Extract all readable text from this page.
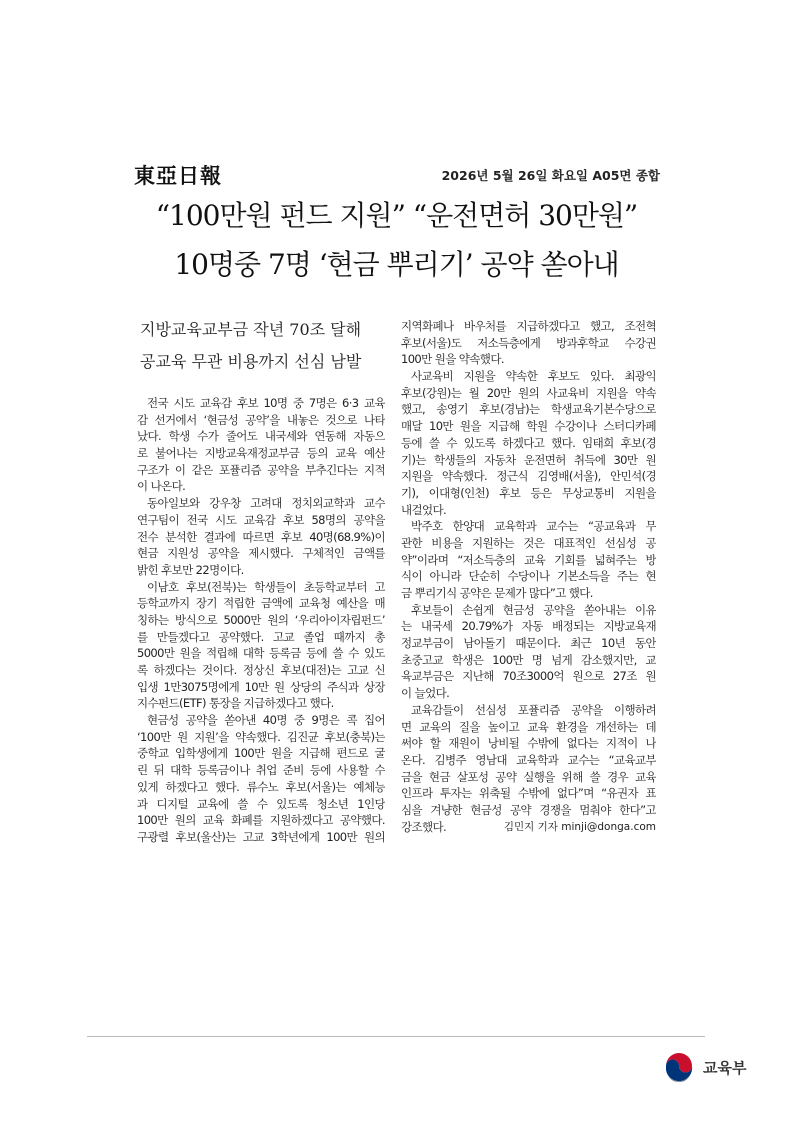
東亞日報	2026년 5월 26일 화요일 A05면 종합
“100만원 펀드 지원” “운전면허 30만원”
10명중 7명 ‘현금 뿌리기’ 공약 쏟아내
지방교육교부금 작년 70조 달해
공교육 무관 비용까지 선심 남발
전국 시도 교육감 후보 10명 중 7명은 6·3 교육
감 선거에서 ‘현금성 공약’을 내놓은 것으로 나타
났다. 학생 수가 줄어도 내국세와 연동해 자동으
로 불어나는 지방교육재정교부금 등의 교육 예산
구조가 이 같은 포퓰리즘 공약을 부추긴다는 지적
이 나온다.
동아일보와 강우창 고려대 정치외교학과 교수
연구팀이 전국 시도 교육감 후보 58명의 공약을
전수 분석한 결과에 따르면 후보 40명(68.9%)이
현금 지원성 공약을 제시했다. 구체적인 금액를
밝힌 후보만 22명이다.
이남호 후보(전북)는 학생들이 초등학교부터 고
등학교까지 장기 적립한 금액에 교육청 예산을 매
칭하는 방식으로 5000만 원의 ‘우리아이자립펀드’
를 만들겠다고 공약했다. 고교 졸업 때까지 총
5000만 원을 적립해 대학 등록금 등에 쓸 수 있도
록 하겠다는 것이다. 정상신 후보(대전)는 고교 신
입생 1만3075명에게 10만 원 상당의 주식과 상장
지수펀드(ETF) 통장을 지급하겠다고 했다.
현금성 공약을 쏟아낸 40명 중 9명은 콕 집어
‘100만 원 지원’을 약속했다. 김진균 후보(충북)는
중학교 입학생에게 100만 원을 지급해 편드로 굴
린 뒤 대학 등록금이나 취업 준비 등에 사용할 수
있게 하겠다고 했다. 류수노 후보(서울)는 예체능
과 디지털 교육에 쓸 수 있도록 청소년 1인당
100만 원의 교육 화폐를 지원하겠다고 공약했다.
구광렬 후보(울산)는 고교 3학년에게 100만 원의
지역화폐나 바우처를 지급하겠다고 했고, 조전혁
후보(서울)도 저소득층에게 방과후학교 수강권
100만 원을 약속했다.
사교육비 지원을 약속한 후보도 있다. 최광익
후보(강원)는 월 20만 원의 사교육비 지원을 약속
했고, 송영기 후보(경남)는 학생교육기본수당으로
매달 10만 원을 지급해 학원 수강이나 스터디카페
등에 쓸 수 있도록 하겠다고 했다. 임태희 후보(경
기)는 학생들의 자동차 운전면허 취득에 30만 원
지원을 약속했다. 정근식 김영배(서울), 안민석(경
기), 이대형(인천) 후보 등은 무상교통비 지원을
내걸었다.
박주호 한양대 교육학과 교수는 “공교육과 무
관한 비용을 지원하는 것은 대표적인 선심성 공
약”이라며 “저소득층의 교육 기회를 넓혀주는 방
식이 아니라 단순히 수당이나 기본소득을 주는 현
금 뿌리기식 공약은 문제가 많다”고 했다.
후보들이 손쉽게 현금성 공약을 쏟아내는 이유
는 내국세 20.79%가 자동 배정되는 지방교육재
정교부금이 남아돌기 때문이다. 최근 10년 동안
초중고교 학생은 100만 명 넘게 감소했지만, 교
육교부금은 지난해 70조3000억 원으로 27조 원
이 늘었다.
교육감들이 선심성 포퓰리즘 공약을 이행하려
면 교육의 질을 높이고 교육 환경을 개선하는 데
써야 할 재원이 낭비될 수밖에 없다는 지적이 나
온다. 김병주 영남대 교육학과 교수는 “교육교부
금을 현금 살포성 공약 실행을 위해 쓸 경우 교육
인프라 투자는 위축될 수밖에 없다”며 “유권자 표
심을 겨냥한 현금성 공약 경쟁을 멈춰야 한다”고
강조했다.	김민지 기자 minji@donga.com
교육부
